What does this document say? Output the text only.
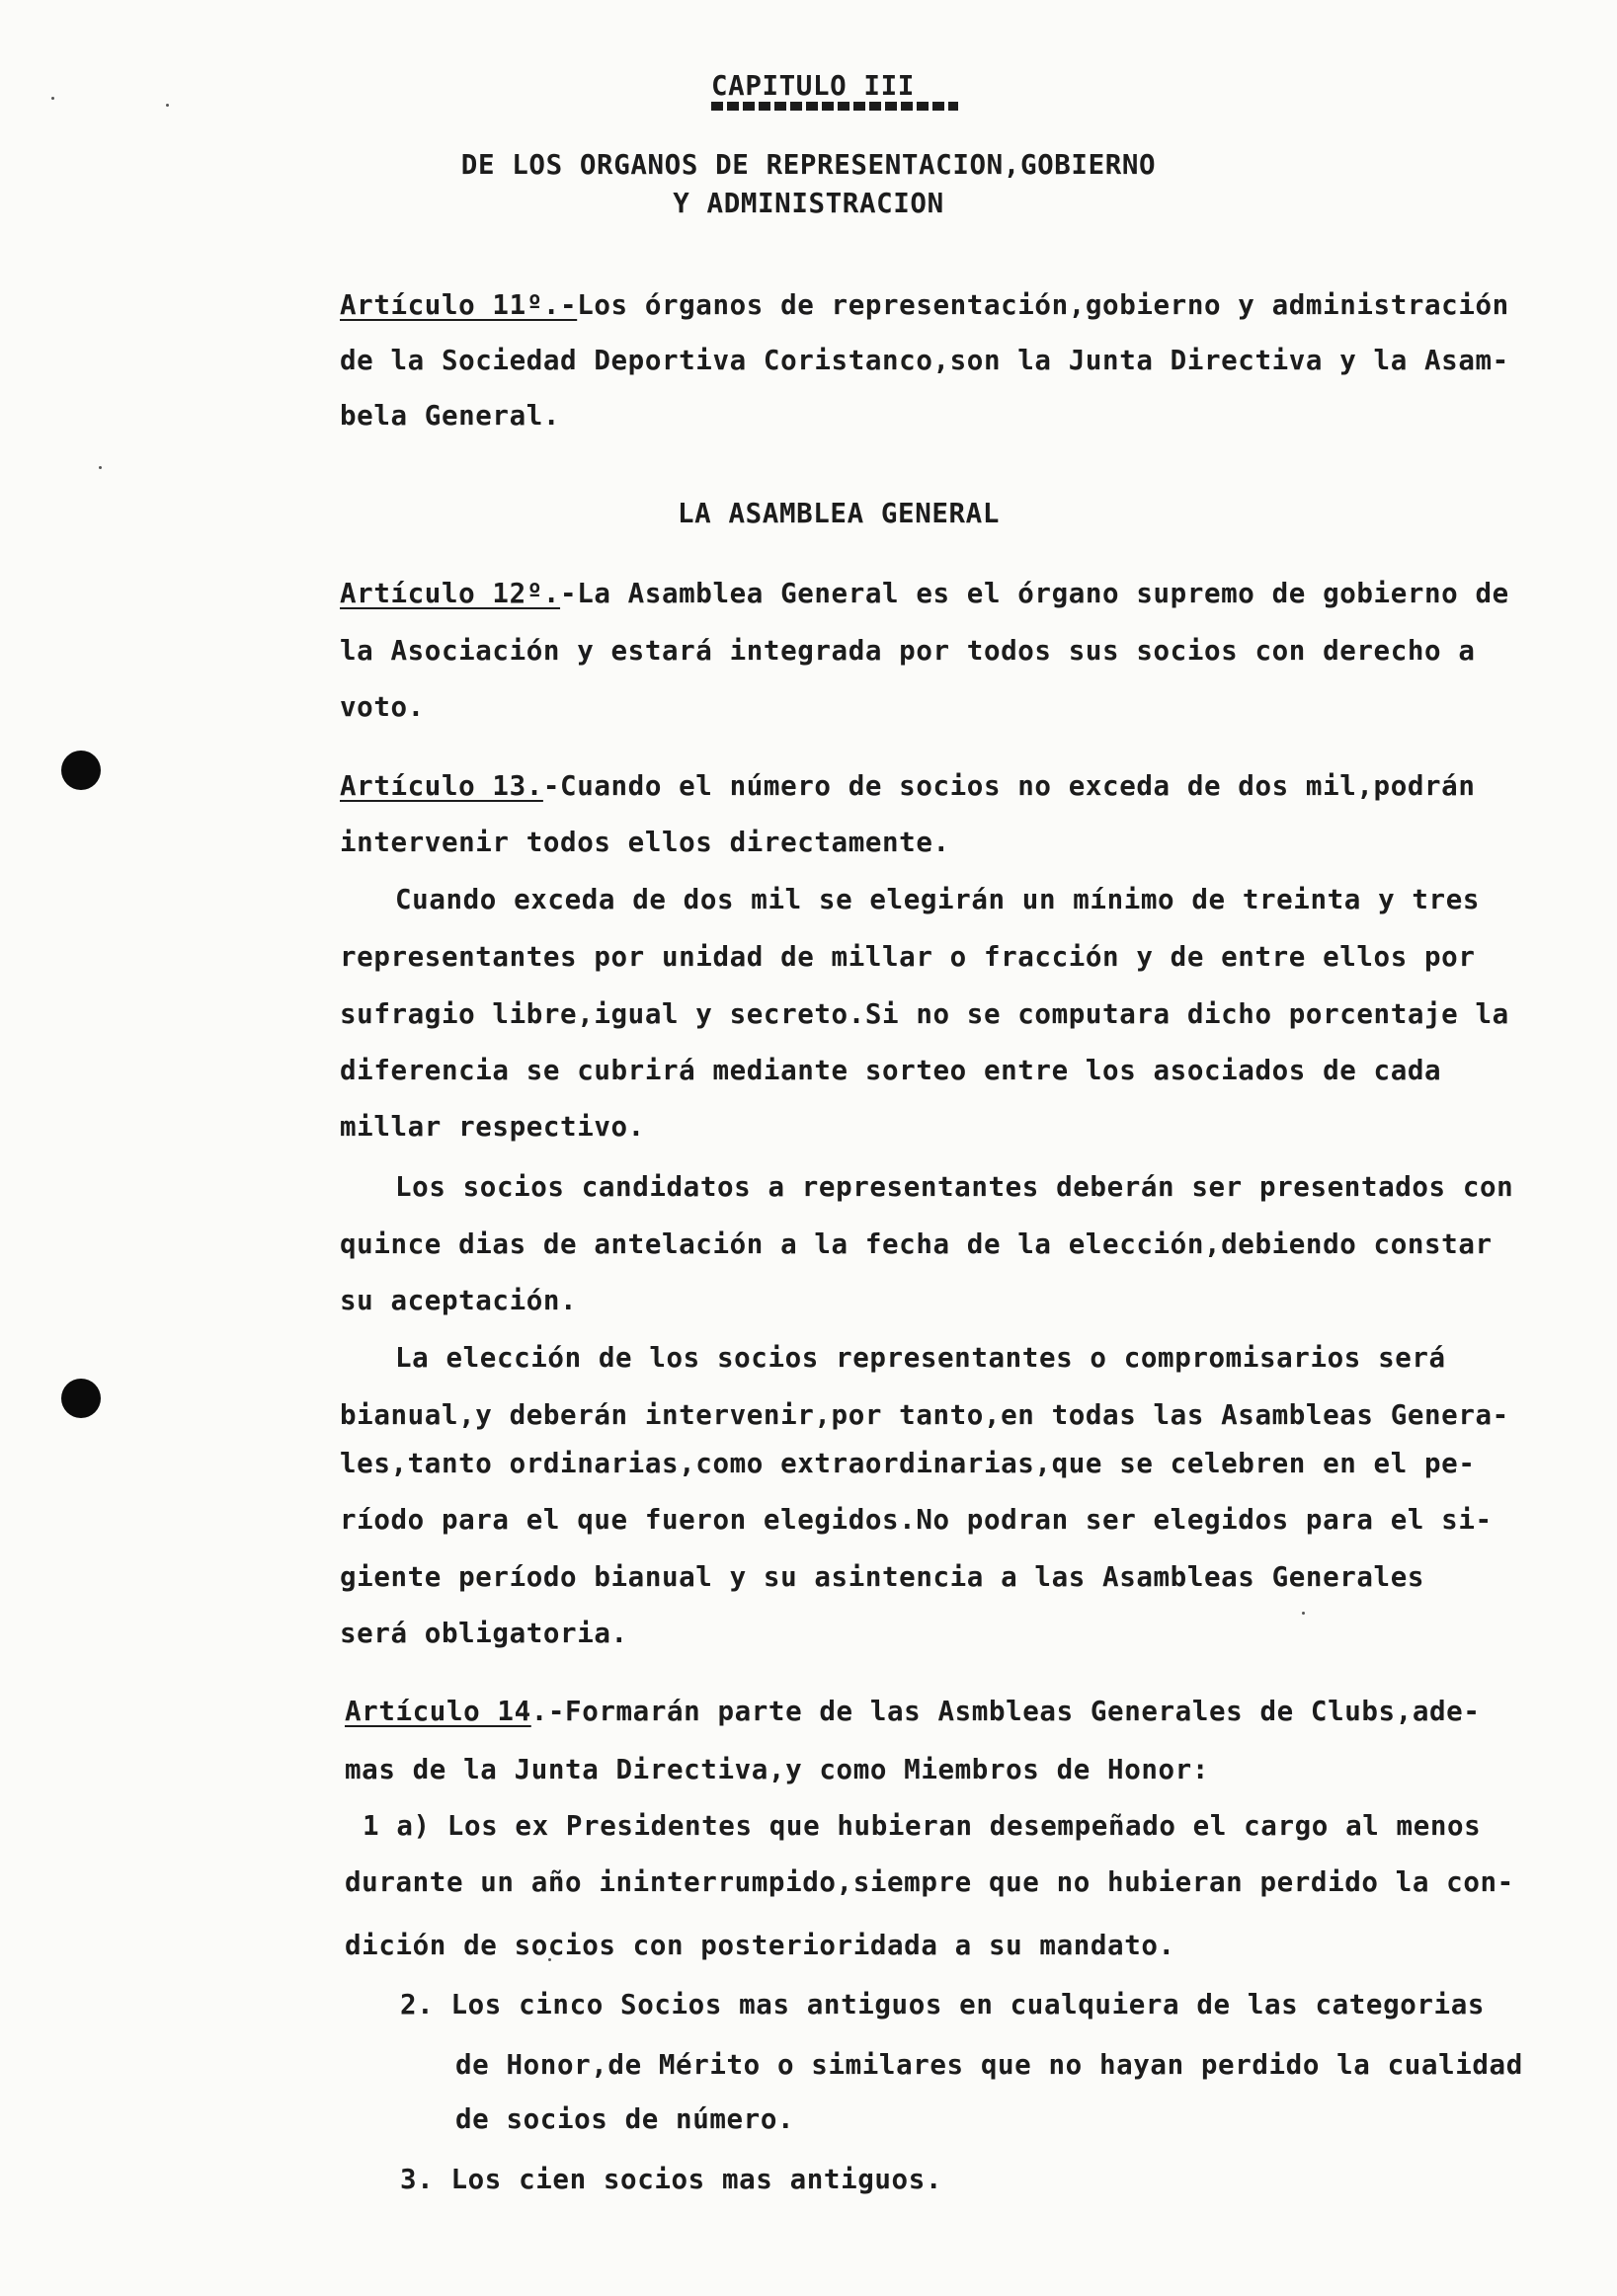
CAPITULO III

DE LOS ORGANOS DE REPRESENTACION,GOBIERNO

Y ADMINISTRACION

Artículo 11º.-Los órganos de representación,gobierno y administración

de la Sociedad Deportiva Coristanco,son la Junta Directiva y la Asam-

bela General.

LA ASAMBLEA GENERAL

Artículo 12º.-La Asamblea General es el órgano supremo de gobierno de

la Asociación y estará integrada por todos sus socios con derecho a

voto.

Artículo 13.-Cuando el número de socios no exceda de dos mil,podrán

intervenir todos ellos directamente.

Cuando exceda de dos mil se elegirán un mínimo de treinta y tres

representantes por unidad de millar o fracción y de entre ellos por

sufragio libre,igual y secreto.Si no se computara dicho porcentaje la

diferencia se cubrirá mediante sorteo entre los asociados de cada

millar respectivo.

Los socios candidatos a representantes deberán ser presentados con

quince dias de antelación a la fecha de la elección,debiendo constar

su aceptación.

La elección de los socios representantes o compromisarios será

bianual,y deberán intervenir,por tanto,en todas las Asambleas Genera-

les,tanto ordinarias,como extraordinarias,que se celebren en el pe-

ríodo para el que fueron elegidos.No podran ser elegidos para el si-

giente período bianual y su asintencia a las Asambleas Generales

será obligatoria.

Artículo 14.-Formarán parte de las Asmbleas Generales de Clubs,ade-

mas de la Junta Directiva,y como Miembros de Honor:

1 a) Los ex Presidentes que hubieran desempeñado el cargo al menos

durante un año ininterrumpido,siempre que no hubieran perdido la con-

dición de socios con posterioridada a su mandato.

2. Los cinco Socios mas antiguos en cualquiera de las categorias

de Honor,de Mérito o similares que no hayan perdido la cualidad

de socios de número.

3. Los cien socios mas antiguos.
